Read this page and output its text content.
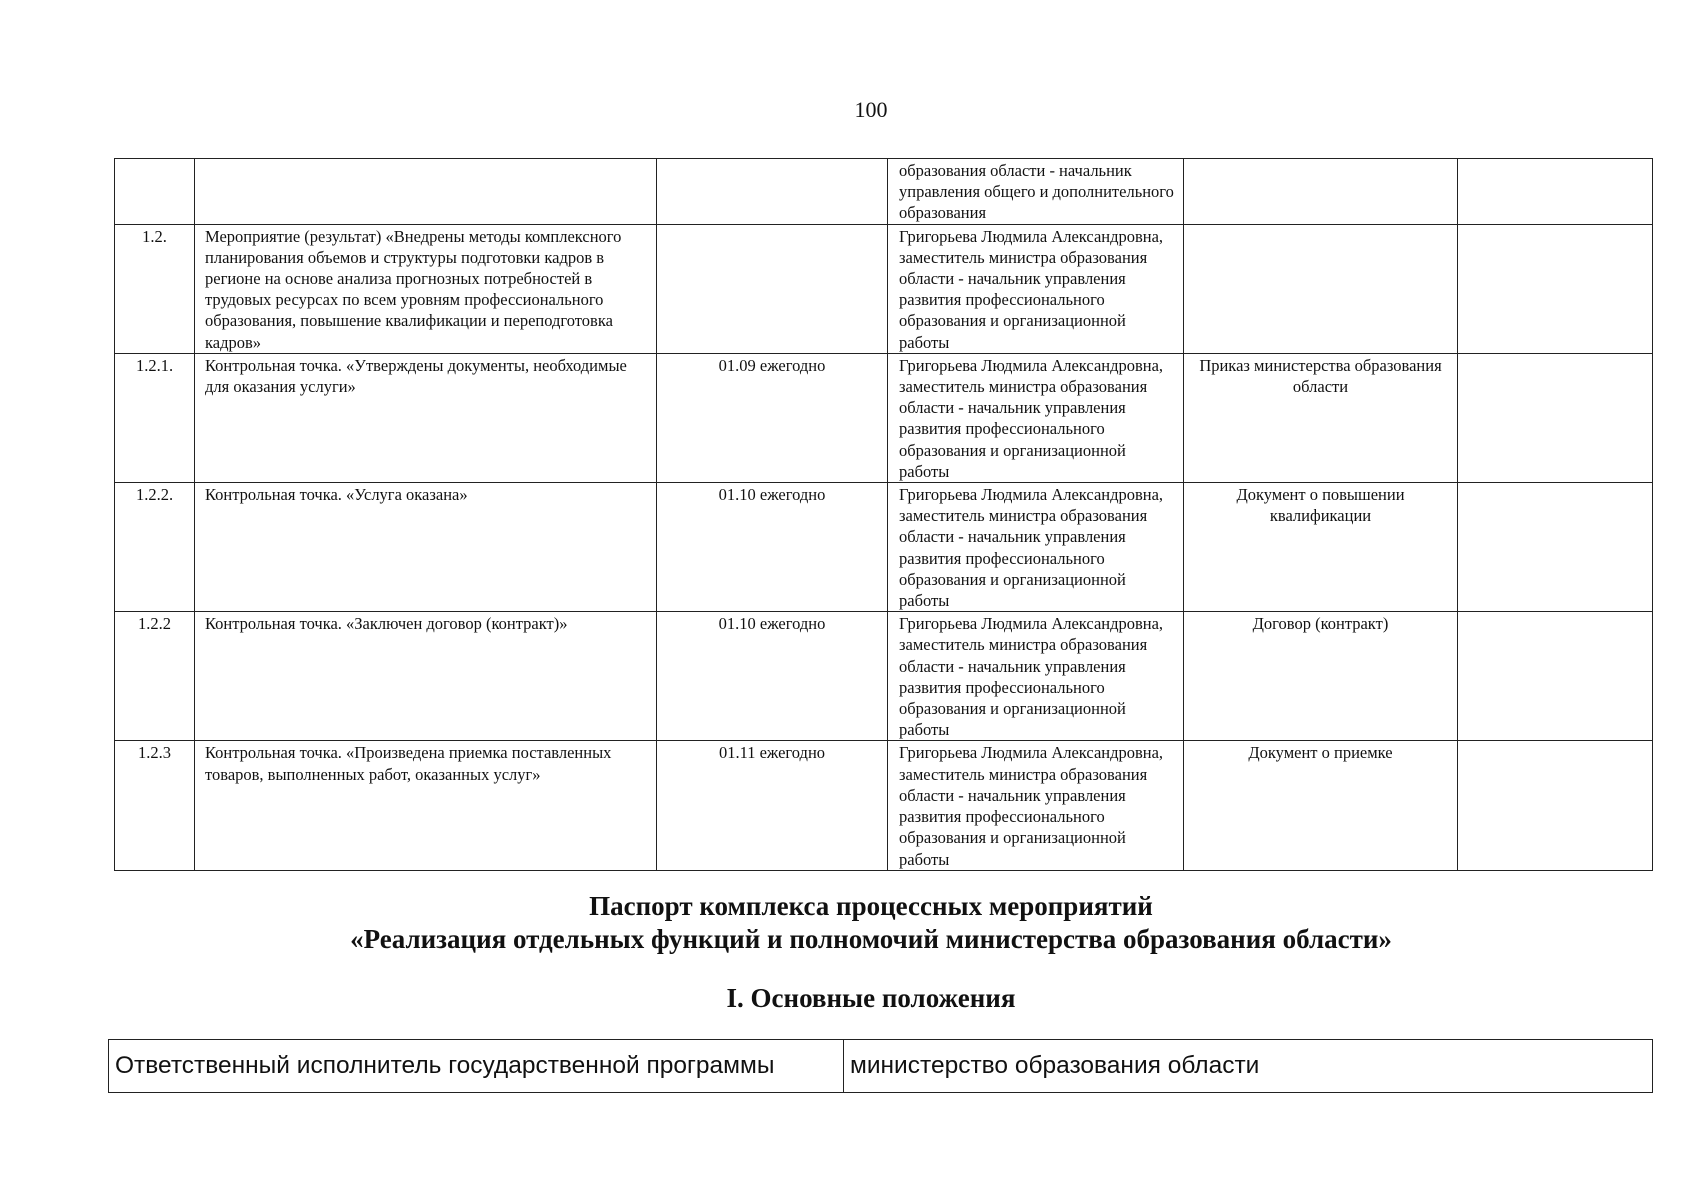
100
			образования области - начальник управления общего и дополнительного образования		
1.2.	Мероприятие (результат) «Внедрены методы комплексного планирования объемов и структуры подготовки кадров в регионе на основе анализа прогнозных потребностей в трудовых ресурсах по всем уровням профессионального образования, повышение квалификации и переподготовка кадров»		Григорьева Людмила Александровна, заместитель министра образования области - начальник управления развития профессионального образования и организационной работы		
1.2.1.	Контрольная точка. «Утверждены документы, необходимые для оказания услуги»	01.09 ежегодно	Григорьева Людмила Александровна, заместитель министра образования области - начальник управления развития профессионального образования и организационной работы	Приказ министерства образования области	
1.2.2.	Контрольная точка. «Услуга оказана»	01.10 ежегодно	Григорьева Людмила Александровна, заместитель министра образования области - начальник управления развития профессионального образования и организационной работы	Документ о повышении квалификации	
1.2.2	Контрольная точка. «Заключен договор (контракт)»	01.10 ежегодно	Григорьева Людмила Александровна, заместитель министра образования области - начальник управления развития профессионального образования и организационной работы	Договор (контракт)	
1.2.3	Контрольная точка. «Произведена приемка поставленных товаров, выполненных работ, оказанных услуг»	01.11 ежегодно	Григорьева Людмила Александровна, заместитель министра образования области - начальник управления развития профессионального образования и организационной работы	Документ о приемке	
Паспорт комплекса процессных мероприятий
«Реализация отдельных функций и полномочий министерства образования области»
I. Основные положения
Ответственный исполнитель государственной программы	министерство образования области
